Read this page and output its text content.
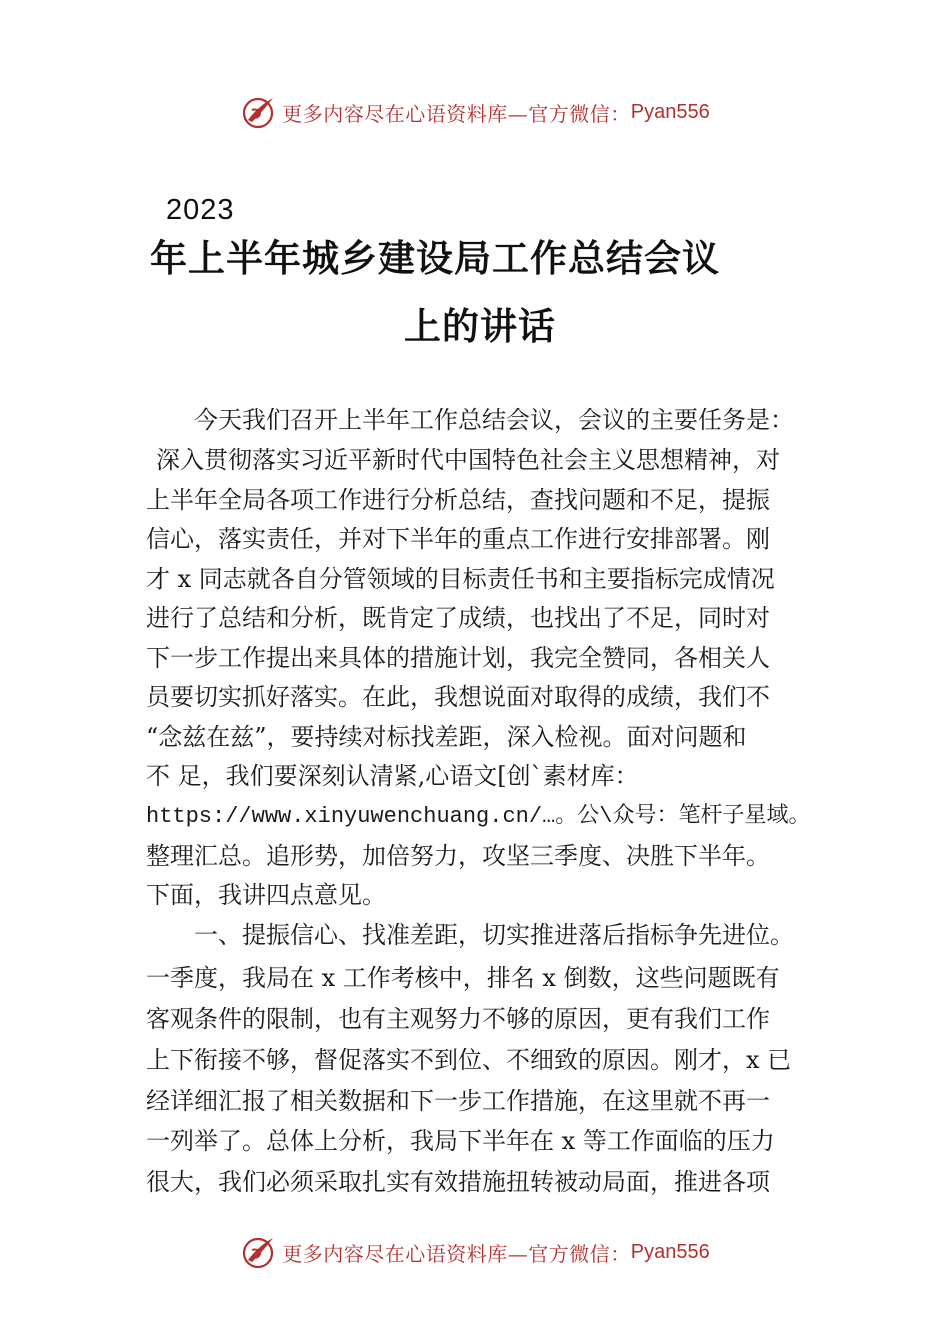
更多内容尽在心语资料库—官方微信： Pyan556
2023
年上半年城乡建设局工作总结会议
上的讲话
今天我们召开上半年工作总结会议，会议的主要任务是：
深入贯彻落实习近平新时代中国特色社会主义思想精神，对
上半年全局各项工作进行分析总结，查找问题和不足，提振
信心，落实责任，并对下半年的重点工作进行安排部署。刚
才 x 同志就各自分管领域的目标责任书和主要指标完成情况
进行了总结和分析，既肯定了成绩，也找出了不足，同时对
下一步工作提出来具体的措施计划，我完全赞同，各相关人
员要切实抓好落实。在此，我想说面对取得的成绩，我们不
“念兹在兹”，要持续对标找差距，深入检视。面对问题和
不 足，我们要深刻认清紧,心语文[创`素材库：
https://www.xinyuwenchuang.cn/…。公\众号：笔杆子星域。
整理汇总。追形势，加倍努力，攻坚三季度、决胜下半年。
下面，我讲四点意见。
一、提振信心、找准差距，切实推进落后指标争先进位。
一季度，我局在 x 工作考核中，排名 x 倒数，这些问题既有
客观条件的限制，也有主观努力不够的原因，更有我们工作
上下衔接不够，督促落实不到位、不细致的原因。刚才，x 已
经详细汇报了相关数据和下一步工作措施，在这里就不再一
一列举了。总体上分析，我局下半年在 x 等工作面临的压力
很大，我们必须采取扎实有效措施扭转被动局面，推进各项
更多内容尽在心语资料库—官方微信： Pyan556
